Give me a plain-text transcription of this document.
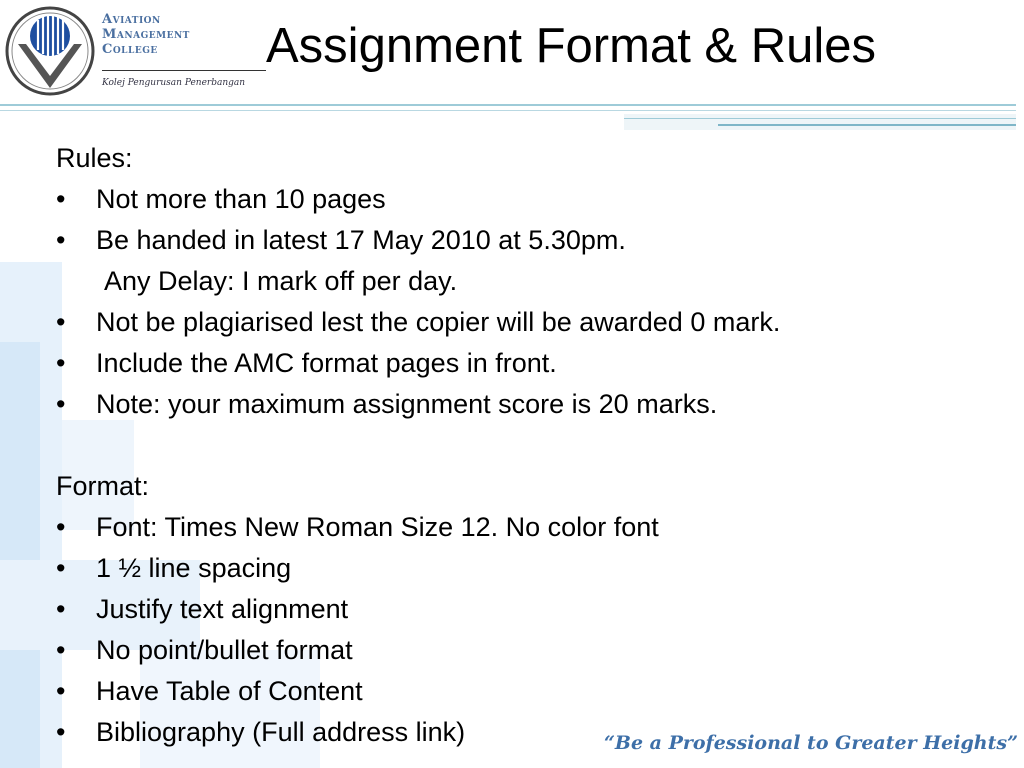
Aviation
Management
College
Kolej Pengurusan Penerbangan
Assignment Format & Rules
Rules:
•	Not more than 10 pages
•	Be handed in latest 17 May 2010 at 5.30pm.
Any Delay: I mark off per day.
•	Not be plagiarised lest the copier will be awarded 0 mark.
•	Include the AMC format pages in front.
•	Note: your maximum assignment score is 20 marks.
Format:
•	Font: Times New Roman Size 12. No color font
•	1 ½ line spacing
•	Justify text alignment
•	No point/bullet format
•	Have Table of Content
•	Bibliography (Full address link)	“Be a Professional to Greater Heights”
